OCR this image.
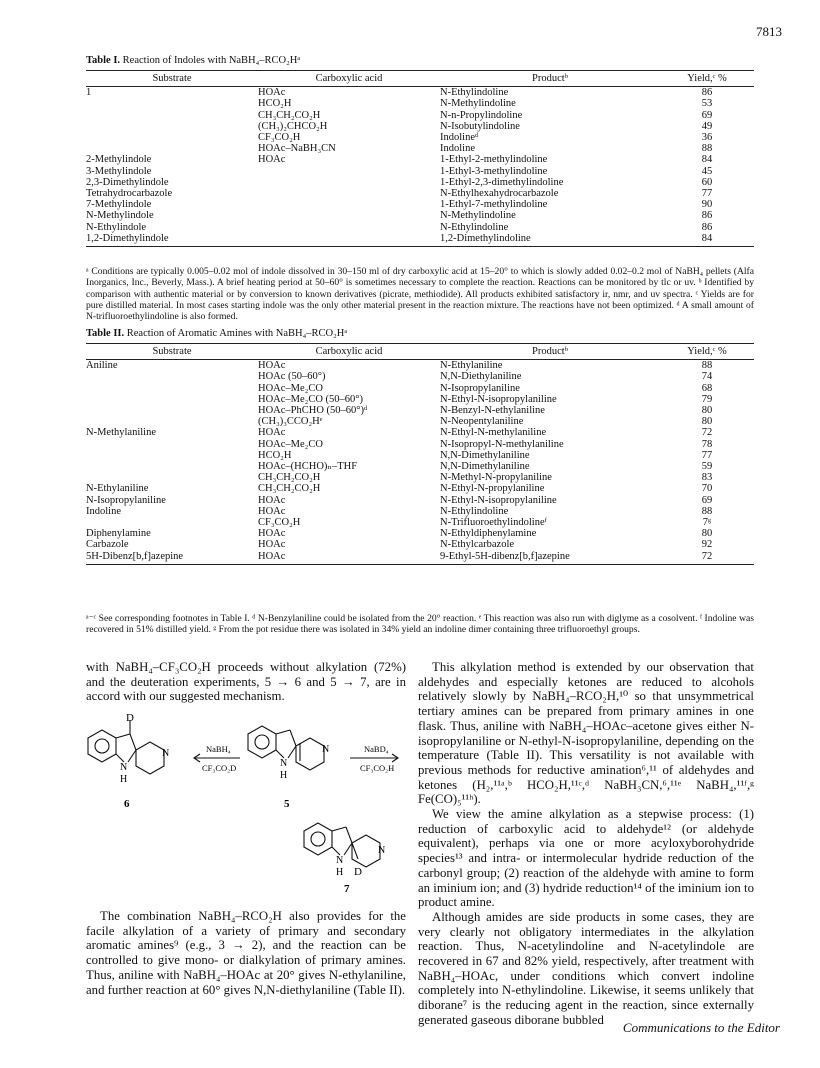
7813
Table I. Reaction of Indoles with NaBH₄–RCO₂Hᵃ
Substrate	Carboxylic acid	Productᵇ	Yield,ᶜ %
1	HOAc	N-Ethylindoline	86
	HCO₂H	N-Methylindoline	53
	CH₃CH₂CO₂H	N-n-Propylindoline	69
	(CH₃)₂CHCO₂H	N-Isobutylindoline	49
	CF₃CO₂H	Indolineᵈ	36
	HOAc–NaBH₃CN	Indoline	88
2-Methylindole	HOAc	1-Ethyl-2-methylindoline	84
3-Methylindole		1-Ethyl-3-methylindoline	45
2,3-Dimethylindole		1-Ethyl-2,3-dimethylindoline	60
Tetrahydrocarbazole		N-Ethylhexahydrocarbazole	77
7-Methylindole		1-Ethyl-7-methylindoline	90
N-Methylindole		N-Methylindoline	86
N-Ethylindole		N-Ethylindoline	86
1,2-Dimethylindole		1,2-Dimethylindoline	84
ᵃ Conditions are typically 0.005–0.02 mol of indole dissolved in 30–150 ml of dry carboxylic acid at 15–20° to which is slowly added 0.02–0.2 mol of NaBH₄ pellets (Alfa Inorganics, Inc., Beverly, Mass.). A brief heating period at 50–60° is sometimes necessary to complete the reaction. Reactions can be monitored by tlc or uv. ᵇ Identified by comparison with authentic material or by conversion to known derivatives (picrate, methiodide). All products exhibited satisfactory ir, nmr, and uv spectra. ᶜ Yields are for pure distilled material. In most cases starting indole was the only other material present in the reaction mixture. The reactions have not been optimized. ᵈ A small amount of N-trifluoroethylindoline is also formed.
Table II. Reaction of Aromatic Amines with NaBH₄–RCO₂Hᵃ
Substrate	Carboxylic acid	Productᵇ	Yield,ᶜ %
Aniline	HOAc	N-Ethylaniline	88
	HOAc (50–60°)	N,N-Diethylaniline	74
	HOAc–Me₂CO	N-Isopropylaniline	68
	HOAc–Me₂CO (50–60°)	N-Ethyl-N-isopropylaniline	79
	HOAc–PhCHO (50–60°)ᵈ	N-Benzyl-N-ethylaniline	80
	(CH₃)₃CCO₂Hᵉ	N-Neopentylaniline	80
N-Methylaniline	HOAc	N-Ethyl-N-methylaniline	72
	HOAc–Me₂CO	N-Isopropyl-N-methylaniline	78
	HCO₂H	N,N-Dimethylaniline	77
	HOAc–(HCHO)ₙ–THF	N,N-Dimethylaniline	59
	CH₃CH₂CO₂H	N-Methyl-N-propylaniline	83
N-Ethylaniline	CH₃CH₂CO₂H	N-Ethyl-N-propylaniline	70
N-Isopropylaniline	HOAc	N-Ethyl-N-isopropylaniline	69
Indoline	HOAc	N-Ethylindoline	88
	CF₃CO₂H	N-Trifluoroethylindolineᶠ	7ᵍ
Diphenylamine	HOAc	N-Ethyldiphenylamine	80
Carbazole	HOAc	N-Ethylcarbazole	92
5H-Dibenz[b,f]azepine	HOAc	9-Ethyl-5H-dibenz[b,f]azepine	72
ᵃ⁻ᶜ See corresponding footnotes in Table I. ᵈ N-Benzylaniline could be isolated from the 20° reaction. ᵉ This reaction was also run with diglyme as a cosolvent. ᶠ Indoline was recovered in 51% distilled yield. ᵍ From the pot residue there was isolated in 34% yield an indoline dimer containing three trifluoroethyl groups.

with NaBH₄–CF₃CO₂H proceeds without alkylation (72%) and the deuteration experiments, 5 → 6 and 5 → 7, are in accord with our suggested mechanism.

D
N
H
N	NaBH₄
CF₃CO₂D	N
H
N	NaBD₄
CF₃CO₂H
6	5
N
H D
N
7

The combination NaBH₄–RCO₂H also provides for the facile alkylation of a variety of primary and secondary aromatic amines⁹ (e.g., 3 → 2), and the reaction can be controlled to give mono- or dialkylation of primary amines. Thus, aniline with NaBH₄–HOAc at 20° gives N-ethylaniline, and further reaction at 60° gives N,N-diethylaniline (Table II).

This alkylation method is extended by our observation that aldehydes and especially ketones are reduced to alcohols relatively slowly by NaBH₄–RCO₂H,¹⁰ so that unsymmetrical tertiary amines can be prepared from primary amines in one flask. Thus, aniline with NaBH₄–HOAc–acetone gives either N-isopropylaniline or N-ethyl-N-isopropylaniline, depending on the temperature (Table II). This versatility is not available with previous methods for reductive amination⁶,¹¹ of aldehydes and ketones (H₂,¹¹ᵃ,ᵇ HCO₂H,¹¹ᶜ,ᵈ NaBH₃CN,⁶,¹¹ᵉ NaBH₄,¹¹ᶠ,ᵍ Fe(CO)₅¹¹ʰ).

We view the amine alkylation as a stepwise process: (1) reduction of carboxylic acid to aldehyde¹² (or aldehyde equivalent), perhaps via one or more acyloxyborohydride species¹³ and intra- or intermolecular hydride reduction of the carbonyl group; (2) reaction of the aldehyde with amine to form an iminium ion; and (3) hydride reduction¹⁴ of the iminium ion to product amine.

Although amides are side products in some cases, they are very clearly not obligatory intermediates in the alkylation reaction. Thus, N-acetylindoline and N-acetylindole are recovered in 67 and 82% yield, respectively, after treatment with NaBH₄–HOAc, under conditions which convert indoline completely into N-ethylindoline. Likewise, it seems unlikely that diborane⁷ is the reducing agent in the reaction, since externally generated gaseous diborane bubbled

Communications to the Editor
